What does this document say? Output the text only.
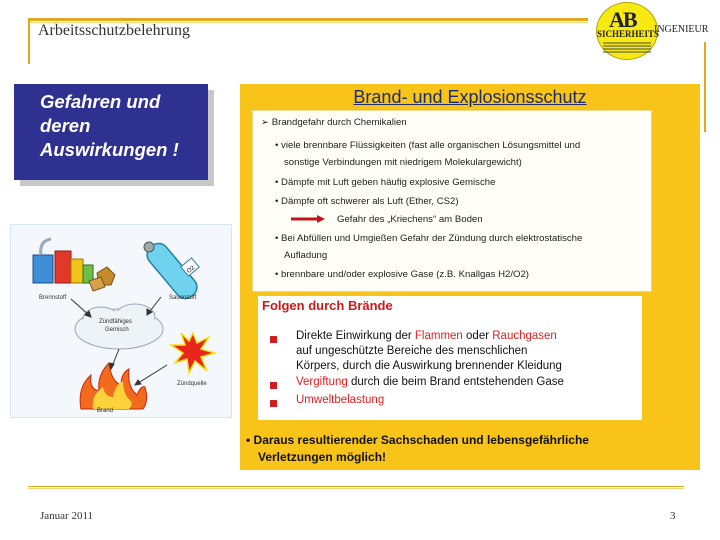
Arbeitsschutzbelehrung	AB
SICHERHEITS
INGENIEUR
Gefahren und
deren
Auswirkungen !
O2
Brennstoff	Sauerstoff
Zündfähiges
Gemisch
Zündquelle
Brand
Brand- und Explosionsschutz
➢ Brandgefahr durch Chemikalien
• viele brennbare Flüssigkeiten (fast alle organischen Lösungsmittel und
sonstige Verbindungen mit niedrigem Molekulargewicht)
• Dämpfe mit Luft geben häufig explosive Gemische
• Dämpfe oft schwerer als Luft (Ether, CS2)
Gefahr des „Kriechens“ am Boden
• Bei Abfüllen und Umgießen Gefahr der Zündung durch elektrostatische
Aufladung
• brennbare und/oder explosive Gase (z.B. Knallgas H2/O2)
Folgen durch Brände
Direkte Einwirkung der Flammen oder Rauchgasen
auf ungeschützte Bereiche des menschlichen
Körpers, durch die Auswirkung brennender Kleidung
Vergiftung durch die beim Brand entstehenden Gase
Umweltbelastung
• Daraus resultierender Sachschaden und lebensgefährliche
Verletzungen möglich!
Januar 2011	3
